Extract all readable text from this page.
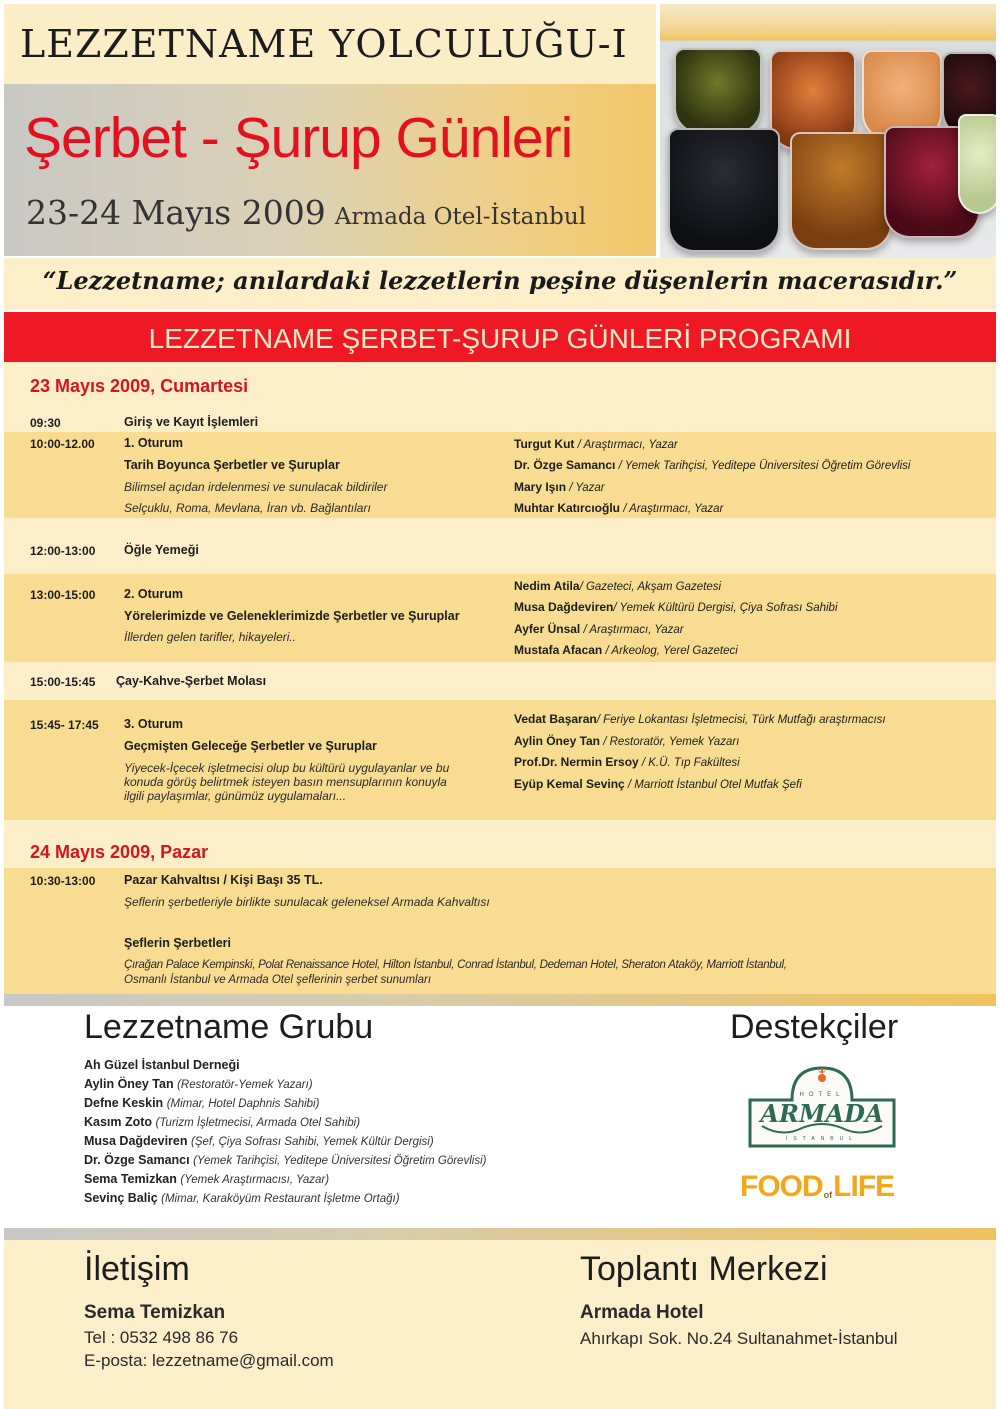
LEZZETNAME YOLCULUĞU-I
Şerbet - Şurup Günleri
23-24 Mayıs 2009 Armada Otel-İstanbul
“Lezzetname; anılardaki lezzetlerin peşine düşenlerin macerasıdır.”
LEZZETNAME ŞERBET-ŞURUP GÜNLERİ PROGRAMI
23 Mayıs 2009, Cumartesi
09:30	Giriş ve Kayıt İşlemleri
10:00-12.00 1. Oturum
Tarih Boyunca Şerbetler ve Şuruplar
Bilimsel açıdan irdelenmesi ve sunulacak bildiriler
Selçuklu, Roma, Mevlana, İran vb. Bağlantıları
Turgut Kut / Araştırmacı, Yazar
Dr. Özge Samancı / Yemek Tarihçisi, Yeditepe Üniversitesi Öğretim Görevlisi
Mary Işın / Yazar
Muhtar Katırcıoğlu / Araştırmacı, Yazar
12:00-13:00 Öğle Yemeği
13:00-15:00 2. Oturum
Yörelerimizde ve Geleneklerimizde Şerbetler ve Şuruplar
İllerden gelen tarifler, hikayeleri..
Nedim Atila/ Gazeteci, Akşam Gazetesi
Musa Dağdeviren/ Yemek Kültürü Dergisi, Çiya Sofrası Sahibi
Ayfer Ünsal / Araştırmacı, Yazar
Mustafa Afacan / Arkeolog, Yerel Gazeteci
15:00-15:45 Çay-Kahve-Şerbet Molası
15:45- 17:45 3. Oturum
Geçmişten Geleceğe Şerbetler ve Şuruplar
Yiyecek-İçecek işletmecisi olup bu kültürü uygulayanlar ve bu
konuda görüş belirtmek isteyen basın mensuplarının konuyla
ilgili paylaşımlar, günümüz uygulamaları...
Vedat Başaran/ Feriye Lokantası İşletmecisi, Türk Mutfağı araştırmacısı
Aylin Öney Tan / Restoratör, Yemek Yazarı
Prof.Dr. Nermin Ersoy / K.Ü. Tıp Fakültesi
Eyüp Kemal Sevinç / Marriott İstanbul Otel Mutfak Şefi
24 Mayıs 2009, Pazar
10:30-13:00 Pazar Kahvaltısı / Kişi Başı 35 TL.
Şeflerin şerbetleriyle birlikte sunulacak geleneksel Armada Kahvaltısı
Şeflerin Şerbetleri
Çırağan Palace Kempinski, Polat Renaissance Hotel, Hilton İstanbul, Conrad İstanbul, Dedeman Hotel, Sheraton Ataköy, Marriott İstanbul,
Osmanlı İstanbul ve Armada Otel şeflerinin şerbet sunumları
Lezzetname Grubu
Ah Güzel İstanbul Derneği
Aylin Öney Tan (Restoratör-Yemek Yazarı)
Defne Keskin (Mimar, Hotel Daphnis Sahibi)
Kasım Zoto (Turizm İşletmecisi, Armada Otel Sahibi)
Musa Dağdeviren (Şef, Çiya Sofrası Sahibi, Yemek Kültür Dergisi)
Dr. Özge Samancı (Yemek Tarihçisi, Yeditepe Üniversitesi Öğretim Görevlisi)
Sema Temizkan (Yemek Araştırmacısı, Yazar)
Sevinç Baliç (Mimar, Karaköyüm Restaurant İşletme Ortağı)
Destekçiler
HOTEL
ARMADA
İSTANBUL
FOODofLIFE
İletişim
Sema Temizkan
Tel : 0532 498 86 76
E-posta: lezzetname@gmail.com
Toplantı Merkezi
Armada Hotel
Ahırkapı Sok. No.24 Sultanahmet-İstanbul
